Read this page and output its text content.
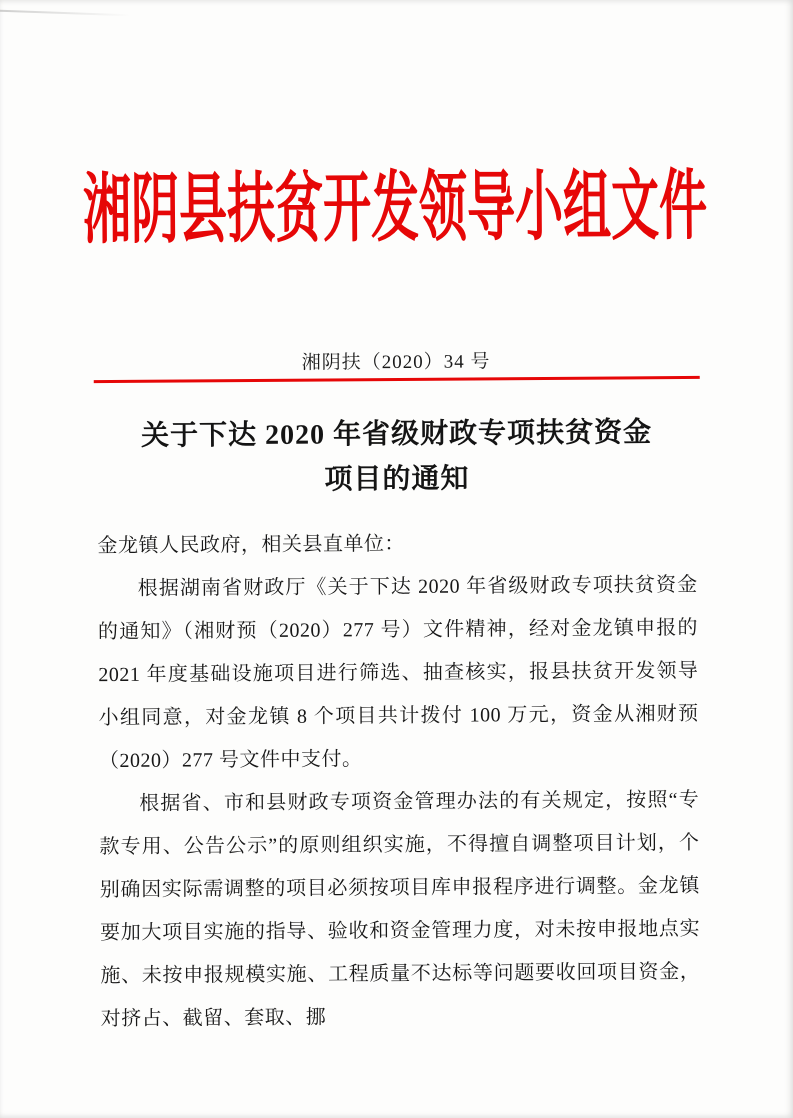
湘阴县扶贫开发领导小组文件
湘阴扶（2020）34 号
关于下达 2020 年省级财政专项扶贫资金
项目的通知

金龙镇人民政府，相关县直单位：

根据湖南省财政厅《关于下达 2020 年省级财政专项扶贫资金的通知》（湘财预（2020）277 号）文件精神，经对金龙镇申报的 2021 年度基础设施项目进行筛选、抽查核实，报县扶贫开发领导小组同意，对金龙镇 8 个项目共计拨付 100 万元，资金从湘财预（2020）277 号文件中支付。

根据省、市和县财政专项资金管理办法的有关规定，按照“专款专用、公告公示”的原则组织实施，不得擅自调整项目计划，个别确因实际需调整的项目必须按项目库申报程序进行调整。金龙镇要加大项目实施的指导、验收和资金管理力度，对未按申报地点实施、未按申报规模实施、工程质量不达标等问题要收回项目资金，对挤占、截留、套取、挪
